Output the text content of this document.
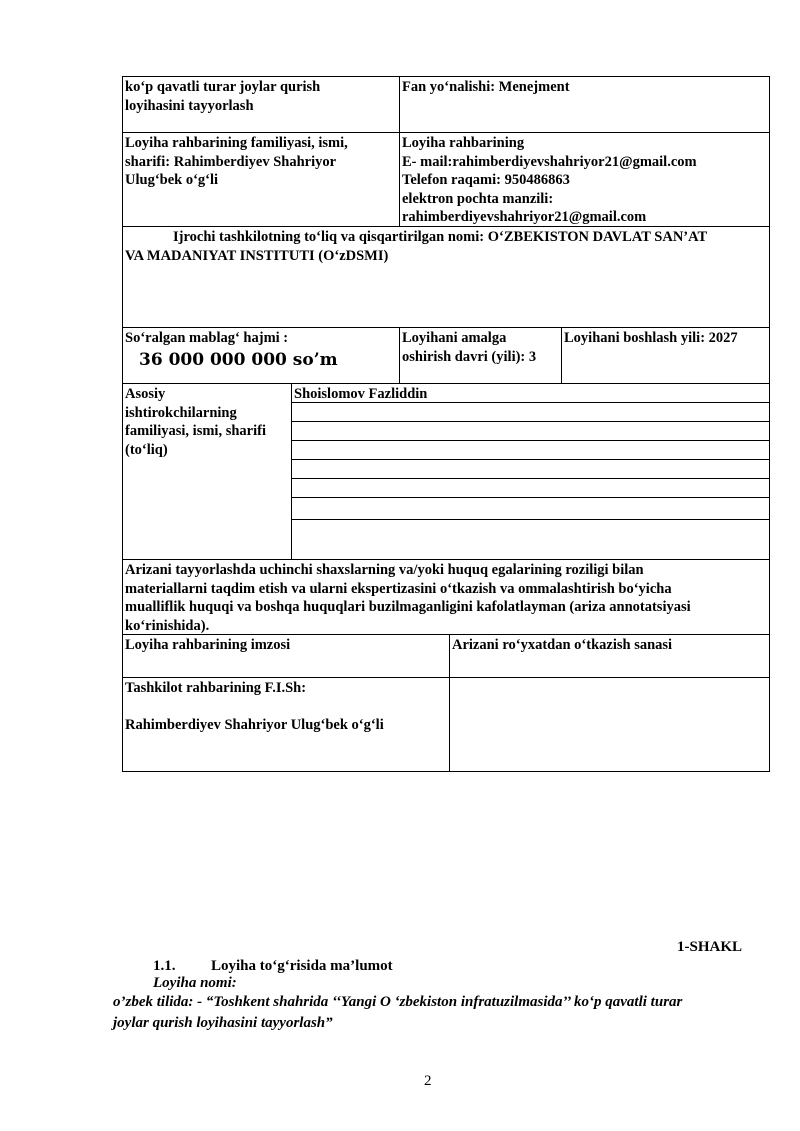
ko‘p qavatli turar joylar qurish
loyihasini tayyorlash
Fan yo‘nalishi: Menejment
Loyiha rahbarining familiyasi, ismi,
sharifi: Rahimberdiyev Shahriyor
Ulug‘bek o‘g‘li
Loyiha rahbarining
E- mail:rahimberdiyevshahriyor21@gmail.com
Telefon raqami: 950486863
elektron pochta manzili:
rahimberdiyevshahriyor21@gmail.com
Ijrochi tashkilotning to‘liq va qisqartirilgan nomi: O‘ZBEKISTON DAVLAT SAN’AT
VA MADANIYAT INSTITUTI (O‘zDSMI)
So‘ralgan mablag‘ hajmi :
36 000 000 000 so’m
Loyihani amalga
oshirish davri (yili): 3
Loyihani boshlash yili: 2027
Asosiy
ishtirokchilarning
familiyasi, ismi, sharifi
(to‘liq)
Shoislomov Fazliddin
Arizani tayyorlashda uchinchi shaxslarning va/yoki huquq egalarining roziligi bilan
materiallarni taqdim etish va ularni ekspertizasini o‘tkazish va ommalashtirish bo‘yicha
mualliflik huquqi va boshqa huquqlari buzilmaganligini kafolatlayman (ariza annotatsiyasi
ko‘rinishida).
Loyiha rahbarining imzosi	Arizani ro‘yxatdan o‘tkazish sanasi
Tashkilot rahbarining F.I.Sh:

Rahimberdiyev Shahriyor Ulug‘bek o‘g‘li
1-SHAKL
1.1. Loyiha to‘g‘risida ma’lumot
Loyiha nomi:
o’zbek tilida: - “Toshkent shahrida ‘‘Yangi O ‘zbekiston infratuzilmasida’’ ko‘p qavatli turar
joylar qurish loyihasini tayyorlash”
2
